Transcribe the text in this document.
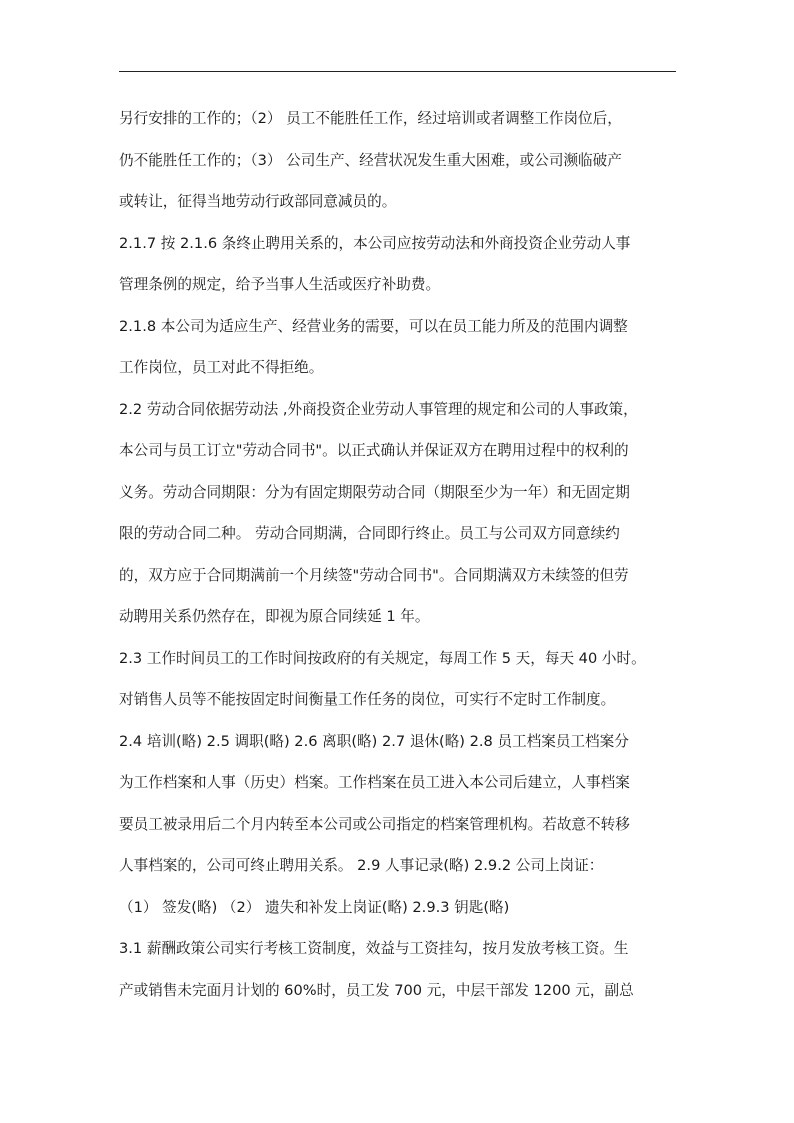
另行安排的工作的；（2） 员工不能胜任工作，经过培训或者调整工作岗位后，
仍不能胜任工作的；（3） 公司生产、经营状况发生重大困难，或公司濒临破产
或转让，征得当地劳动行政部同意减员的。
2.1.7 按 2.1.6 条终止聘用关系的，本公司应按劳动法和外商投资企业劳动人事
管理条例的规定，给予当事人生活或医疗补助费。
2.1.8 本公司为适应生产、经营业务的需要，可以在员工能力所及的范围内调整
工作岗位，员工对此不得拒绝。
2.2 劳动合同依据劳动法 ,外商投资企业劳动人事管理的规定和公司的人事政策，
本公司与员工订立"劳动合同书"。以正式确认并保证双方在聘用过程中的权利的
义务。劳动合同期限：分为有固定期限劳动合同（期限至少为一年）和无固定期
限的劳动合同二种。 劳动合同期满，合同即行终止。员工与公司双方同意续约
的，双方应于合同期满前一个月续签"劳动合同书"。合同期满双方未续签的但劳
动聘用关系仍然存在，即视为原合同续延 1 年。
2.3 工作时间员工的工作时间按政府的有关规定，每周工作 5 天，每天 40 小时。
对销售人员等不能按固定时间衡量工作任务的岗位，可实行不定时工作制度。
2.4 培训(略) 2.5 调职(略) 2.6 离职(略) 2.7 退休(略) 2.8 员工档案员工档案分
为工作档案和人事（历史）档案。工作档案在员工进入本公司后建立，人事档案
要员工被录用后二个月内转至本公司或公司指定的档案管理机构。若故意不转移
人事档案的，公司可终止聘用关系。 2.9 人事记录(略) 2.9.2 公司上岗证：
（1） 签发(略) （2） 遗失和补发上岗证(略) 2.9.3 钥匙(略)
3.1 薪酬政策公司实行考核工资制度，效益与工资挂勾，按月发放考核工资。生
产或销售未完面月计划的 60%时，员工发 700 元，中层干部发 1200 元，副总
